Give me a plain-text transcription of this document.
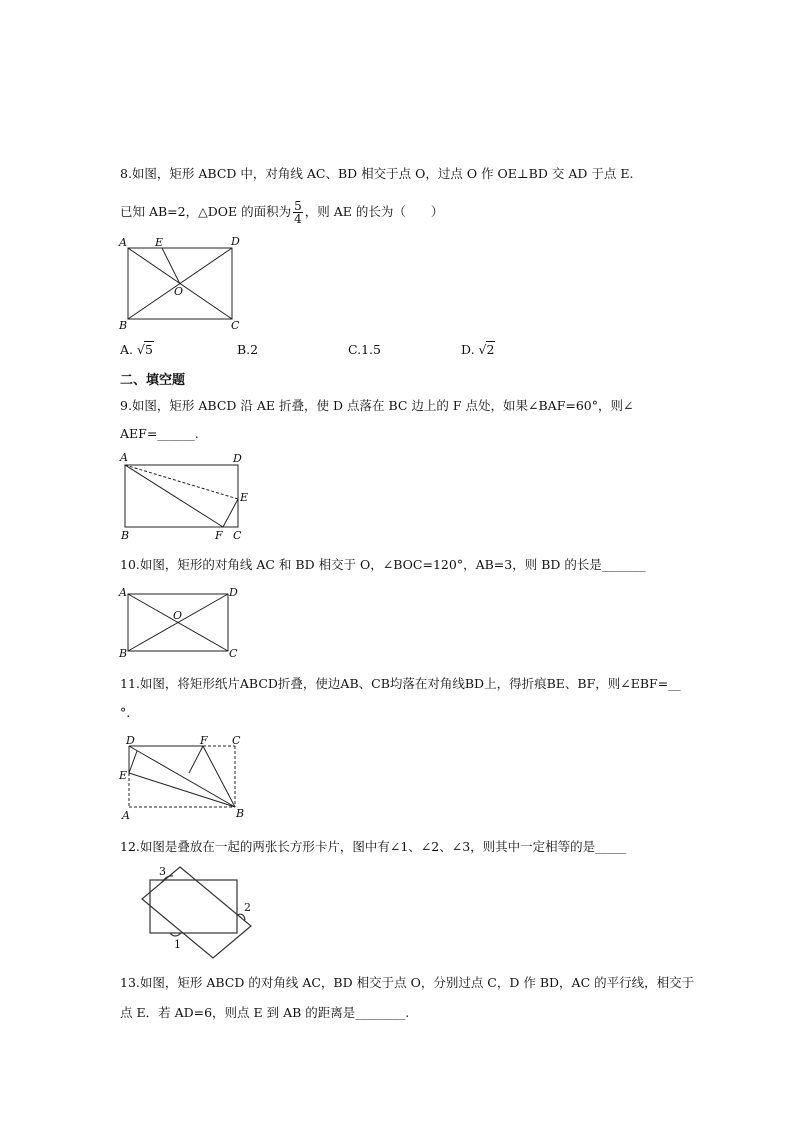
8.如图，矩形 ABCD 中，对角线 AC、BD 相交于点 O，过点 O 作 OE⊥BD 交 AD 于点 E.
已知 AB=2，△DOE 的面积为 $\frac{5}{4}$ ，则 AE 的长为（　　）
A	E	D
O
B	C
A. √5	B.2	C.1.5	D. √2
二、填空题
9.如图，矩形 ABCD 沿 AE 折叠，使 D 点落在 BC 边上的 F 点处，如果∠BAF=60°，则∠
AEF=______.
A	D
E
B	F C
10.如图，矩形的对角线 AC 和 BD 相交于 O，∠BOC=120°，AB=3，则 BD 的长是_______
A	D
O
B	C
11.如图，将矩形纸片ABCD折叠，使边AB、CB均落在对角线BD上，得折痕BE、BF，则∠EBF=__
°.
D	F C
E
A	B
12.如图是叠放在一起的两张长方形卡片，图中有∠1、∠2、∠3，则其中一定相等的是_____
3
2
1
13.如图，矩形 ABCD 的对角线 AC，BD 相交于点 O，分别过点 C，D 作 BD，AC 的平行线，相交于
点 E．若 AD=6，则点 E 到 AB 的距离是________.
